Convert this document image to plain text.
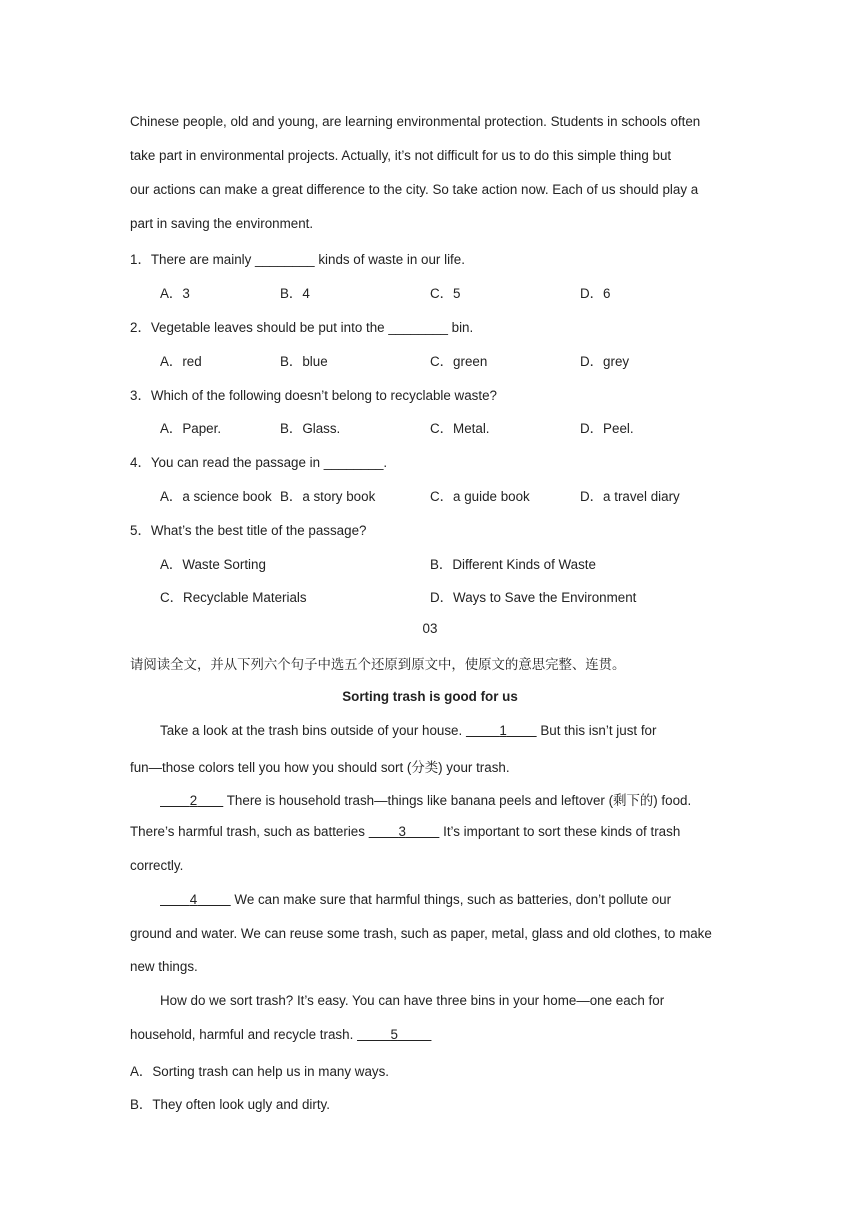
Chinese people, old and young, are learning environmental protection. Students in schools often
take part in environmental projects. Actually, it’s not difficult for us to do this simple thing but
our actions can make a great difference to the city. So take action now. Each of us should play a
part in saving the environment.
1．There are mainly ________ kinds of waste in our life.
A．3	B．4	C．5	D．6
2．Vegetable leaves should be put into the ________ bin.
A．red	B．blue	C．green	D．grey
3．Which of the following doesn’t belong to recyclable waste?
A．Paper.	B．Glass.	C．Metal.	D．Peel.
4．You can read the passage in ________.
A．a science book B．a story book	C．a guide book	D．a travel diary
5．What’s the best title of the passage?
A．Waste Sorting	B．Different Kinds of Waste
C．Recyclable Materials	D．Ways to Save the Environment
03
请阅读全文，并从下列六个句子中选五个还原到原文中，使原文的意思完整、连贯。
Sorting trash is good for us
Take a look at the trash bins outside of your house.          1         But this isn’t just for
fun—those colors tell you how you should sort (分类) your trash.
2        There is household trash—things like banana peels and leftover (剩下的) food.
There’s harmful trash, such as batteries         3          It’s important to sort these kinds of trash
correctly.
4          We can make sure that harmful things, such as batteries, don’t pollute our
ground and water. We can reuse some trash, such as paper, metal, glass and old clothes, to make
new things.
How do we sort trash? It’s easy. You can have three bins in your home—one each for
household, harmful and recycle trash.          5
A．Sorting trash can help us in many ways.
B．They often look ugly and dirty.
